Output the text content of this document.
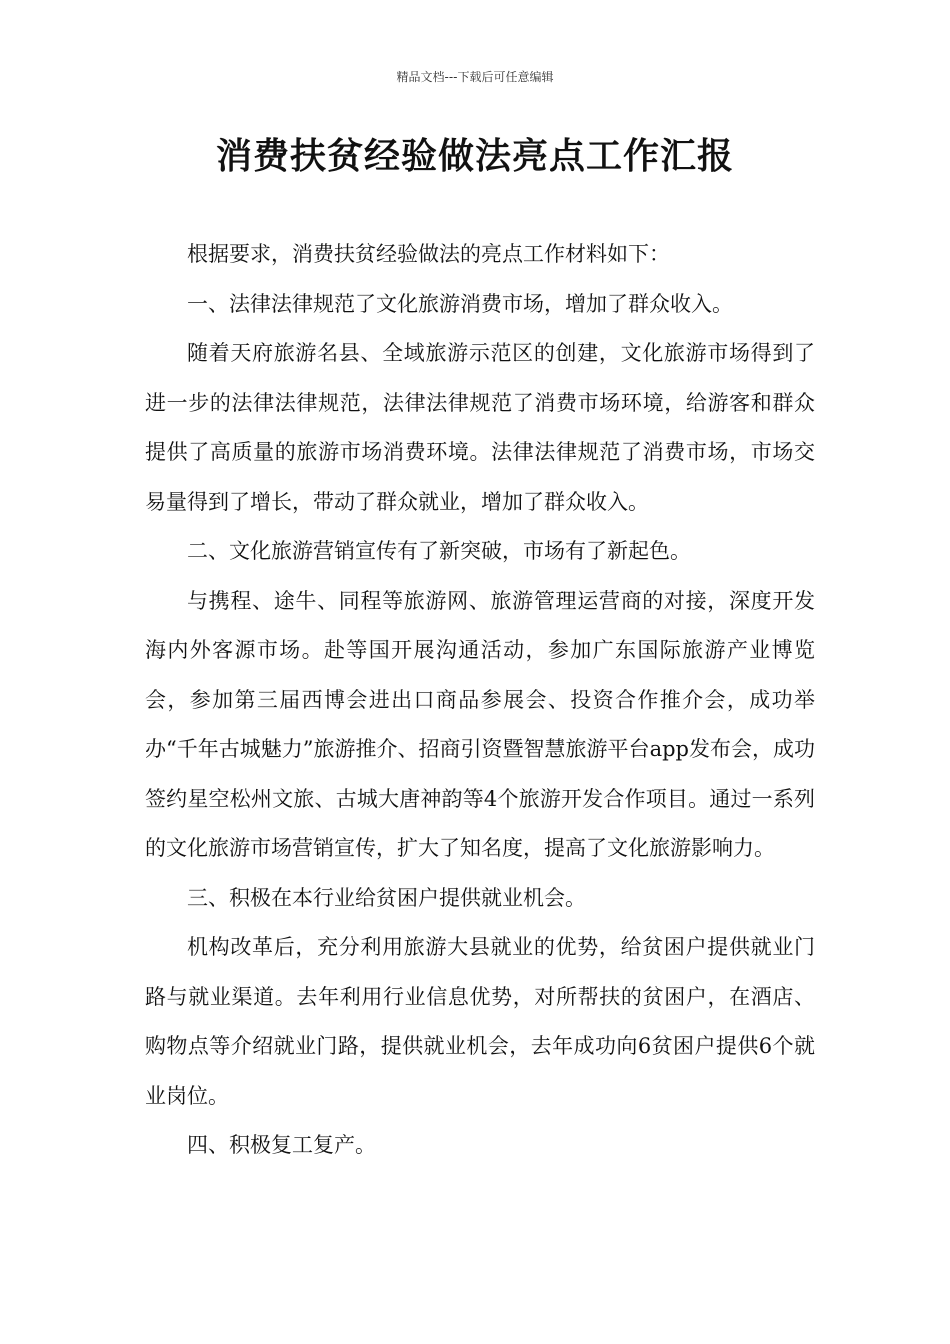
精品文档---下载后可任意编辑
消费扶贫经验做法亮点工作汇报

根据要求，消费扶贫经验做法的亮点工作材料如下：

一、法律法律规范了文化旅游消费市场，增加了群众收入。

随着天府旅游名县、全域旅游示范区的创建，文化旅游市场得到了进一步的法律法律规范，法律法律规范了消费市场环境，给游客和群众提供了高质量的旅游市场消费环境。法律法律规范了消费市场，市场交易量得到了增长，带动了群众就业，增加了群众收入。

二、文化旅游营销宣传有了新突破，市场有了新起色。

与携程、途牛、同程等旅游网、旅游管理运营商的对接，深度开发海内外客源市场。赴等国开展沟通活动，参加广东国际旅游产业博览会，参加第三届西博会进出口商品参展会、投资合作推介会，成功举办“千年古城魅力”旅游推介、招商引资暨智慧旅游平台app发布会，成功签约星空松州文旅、古城大唐神韵等4个旅游开发合作项目。通过一系列的文化旅游市场营销宣传，扩大了知名度，提高了文化旅游影响力。

三、积极在本行业给贫困户提供就业机会。

机构改革后，充分利用旅游大县就业的优势，给贫困户提供就业门路与就业渠道。去年利用行业信息优势，对所帮扶的贫困户，在酒店、购物点等介绍就业门路，提供就业机会，去年成功向6贫困户提供6个就业岗位。

四、积极复工复产。
